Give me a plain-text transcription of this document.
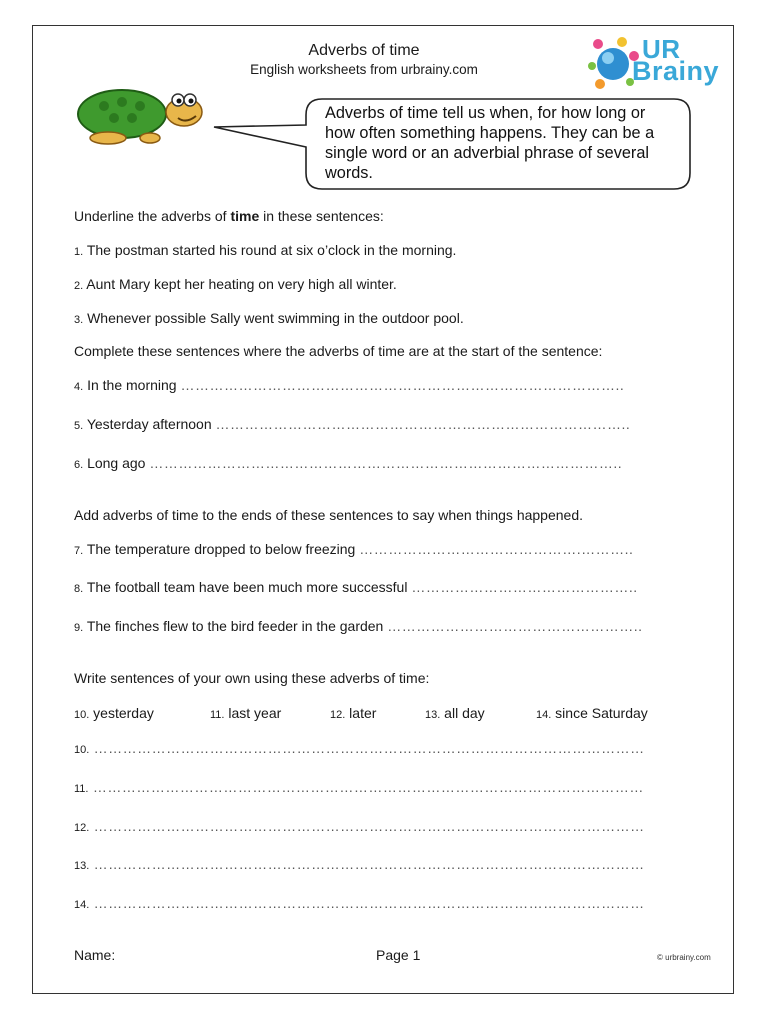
Adverbs of time
English worksheets from urbrainy.com
UR
Brainy
Adverbs of time tell us when, for how long or how often something happens. They can be a single word or an adverbial phrase of several words.
Underline the adverbs of time in these sentences:
1. The postman started his round at six o’clock in the morning.
2. Aunt Mary kept her heating on very high all winter.
3. Whenever possible Sally went swimming in the outdoor pool.
Complete these sentences where the adverbs of time are at the start of the sentence:
4. In the morning ………………………………………………………………………………..
5. Yesterday afternoon …………………………………………………………………………..
6. Long ago ……………………………………………………………………………………..
Add adverbs of time to the ends of these sentences to say when things happened.
7. The temperature dropped to below freezing ……………………………………….………..
8. The football team have been much more successful ………………………………………..
9. The finches flew to the bird feeder in the garden ……………………………………………..
Write sentences of your own using these adverbs of time:
10. yesterday	11. last year	12. later	13. all day	14. since Saturday
10. ……………………………………………………………………………………………………
11. ……………………………………………………………………………………………………
12. ……………………………………………………………………………………………………
13. ……………………………………………………………………………………………………
14. ……………………………………………………………………………………………………
Name:	Page 1	© urbrainy.com
